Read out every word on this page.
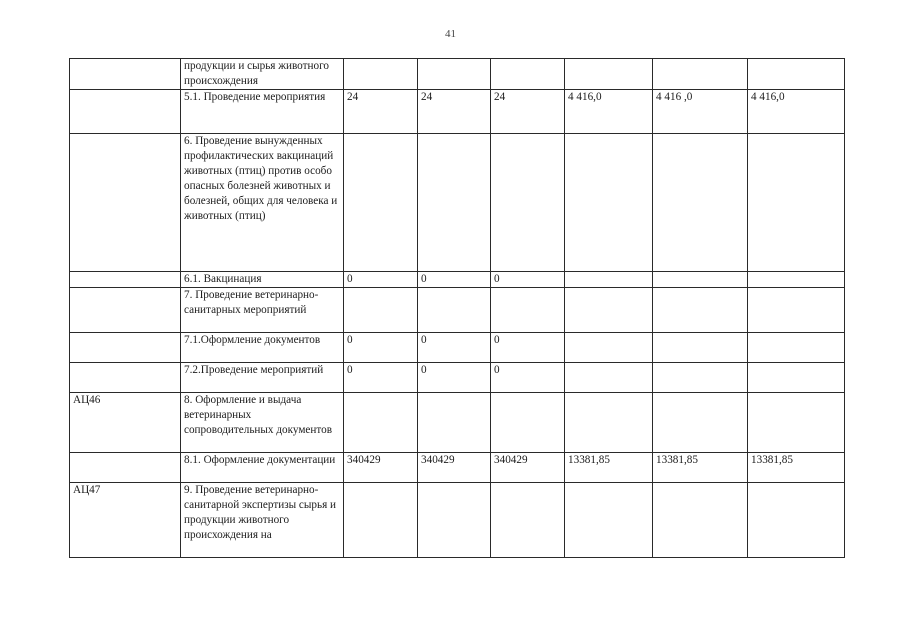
41
	продукции и сырья животного происхождения						
	5.1. Проведение мероприятия	24	24	24	4 416,0	4 416 ,0	4 416,0
	6. Проведение вынужденных профилактических вакцинаций животных (птиц) против особо опасных болезней животных и болезней, общих для человека и животных (птиц)						
	6.1. Вакцинация	0	0	0			
	7. Проведение ветеринарно-санитарных мероприятий						
	7.1.Оформление документов	0	0	0			
	7.2.Проведение мероприятий	0	0	0			
АЦ46	8. Оформление и выдача ветеринарных сопроводительных документов						
	8.1. Оформление документации	340429	340429	340429	13381,85	13381,85	13381,85
АЦ47	9. Проведение ветеринарно-санитарной экспертизы сырья и продукции животного происхождения на						
